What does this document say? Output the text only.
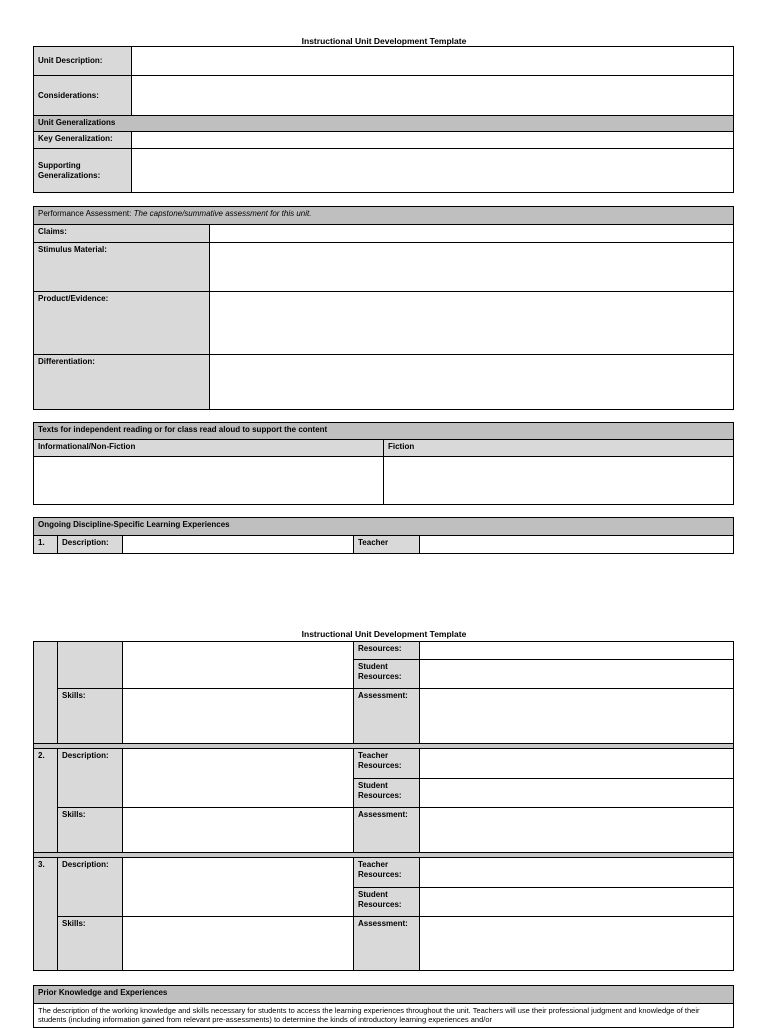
Instructional Unit Development Template
Unit Description:	
Considerations:	
Unit Generalizations	
Key Generalization:	
Supporting Generalizations:	
Performance Assessment: The capstone/summative assessment for this unit.	
Claims:	
Stimulus Material:	
Product/Evidence:	
Differentiation:	
Texts for independent reading or for class read aloud to support the content	
Informational/Non-Fiction	Fiction

Ongoing Discipline-Specific Learning Experiences
1.	Description:		Teacher	
Instructional Unit Development Template
			Resources:	
			Student Resources:	
	Skills:		Assessment:	

2.	Description:		Teacher Resources:	
			Student Resources:	
	Skills:		Assessment:	

3.	Description:		Teacher Resources:	
			Student Resources:	
	Skills:		Assessment:	
Prior Knowledge and Experiences
The description of the working knowledge and skills necessary for students to access the learning experiences throughout the unit. Teachers will use their professional judgment and knowledge of their students (including information gained from relevant pre-assessments) to determine the kinds of introductory learning experiences and/or
